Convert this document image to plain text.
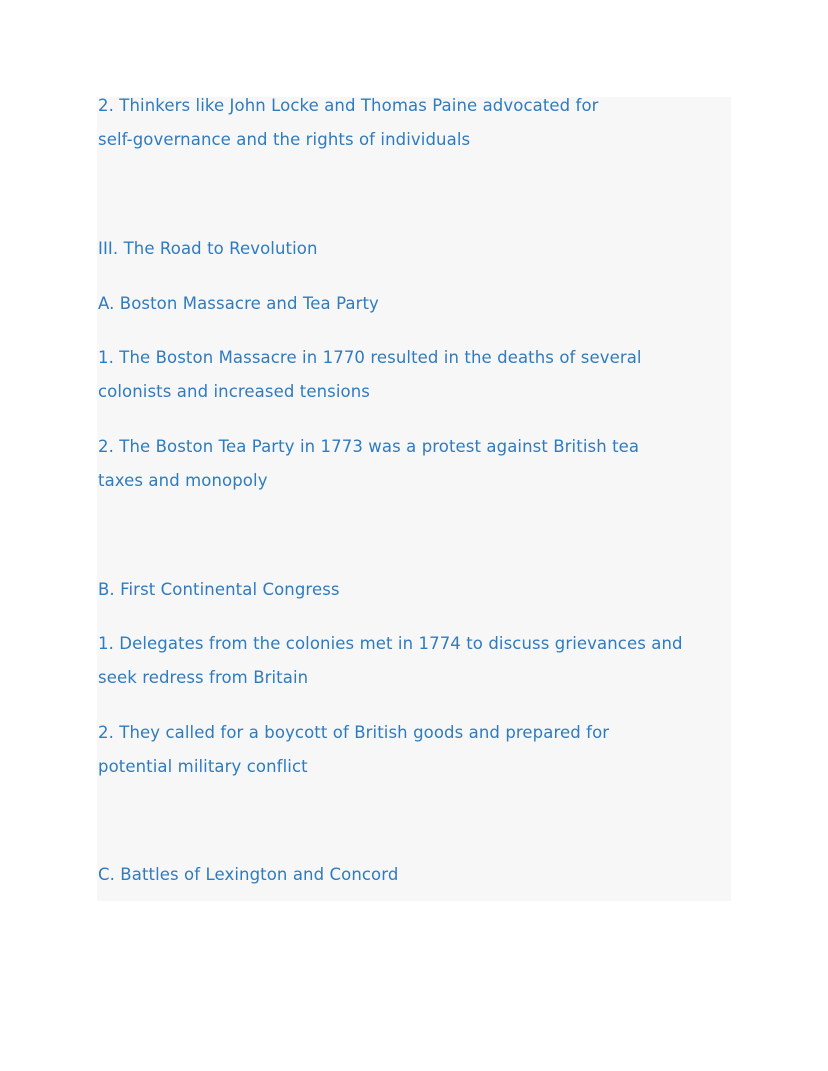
2. Thinkers like John Locke and Thomas Paine advocated for

self-governance and the rights of individuals

III. The Road to Revolution

A. Boston Massacre and Tea Party

1. The Boston Massacre in 1770 resulted in the deaths of several

colonists and increased tensions

2. The Boston Tea Party in 1773 was a protest against British tea

taxes and monopoly

B. First Continental Congress

1. Delegates from the colonies met in 1774 to discuss grievances and

seek redress from Britain

2. They called for a boycott of British goods and prepared for

potential military conflict

C. Battles of Lexington and Concord
